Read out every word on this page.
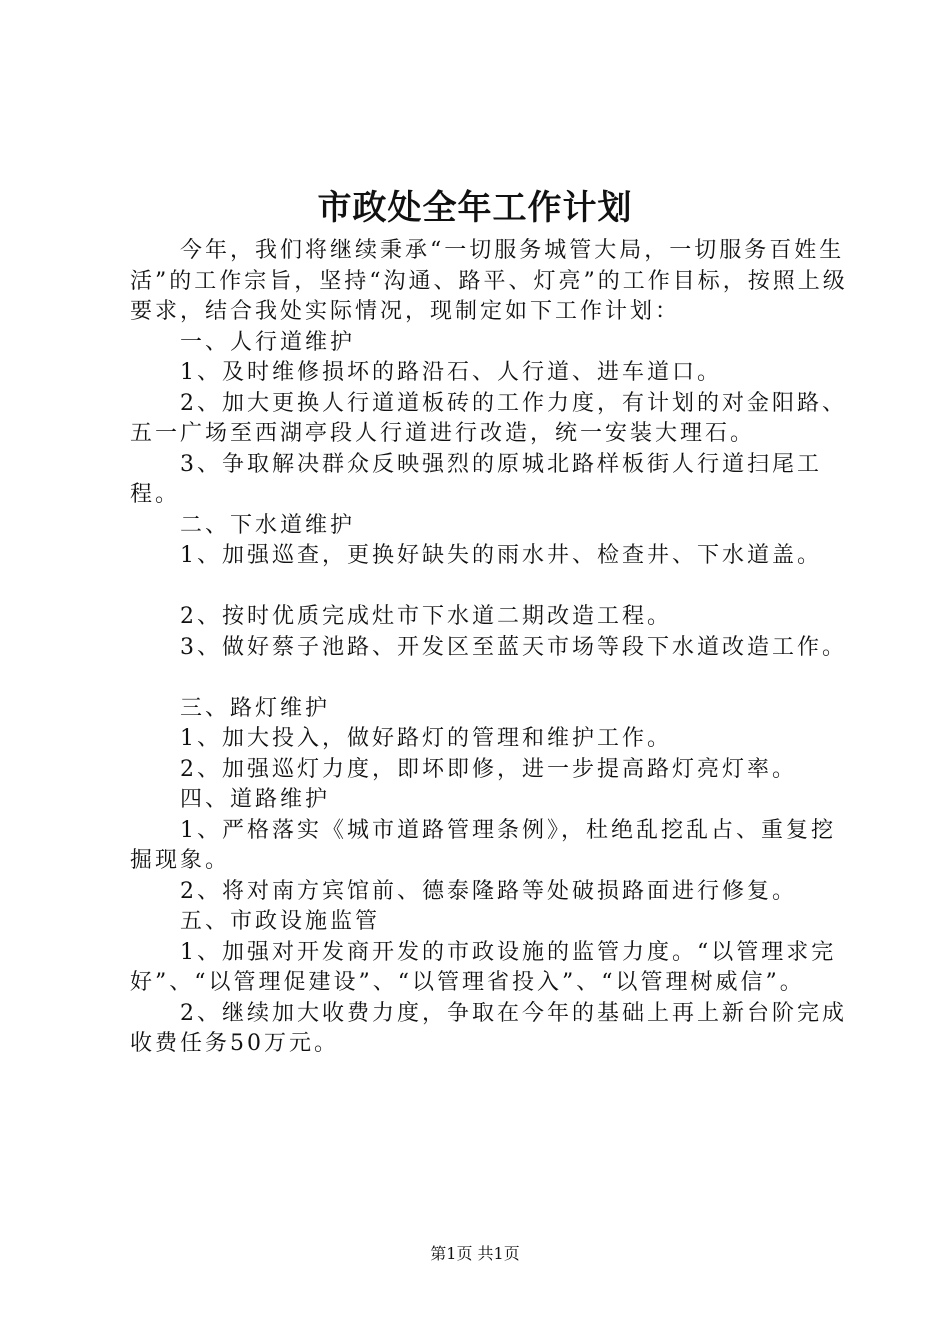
市政处全年工作计划

今年，我们将继续秉承“一切服务城管大局，一切服务百姓生活”的工作宗旨，坚持“沟通、路平、灯亮”的工作目标，按照上级要求，结合我处实际情况，现制定如下工作计划：

一、人行道维护

1、及时维修损坏的路沿石、人行道、进车道口。

2、加大更换人行道道板砖的工作力度，有计划的对金阳路、五一广场至西湖亭段人行道进行改造，统一安装大理石。

3、争取解决群众反映强烈的原城北路样板街人行道扫尾工程。

二、下水道维护

1、加强巡查，更换好缺失的雨水井、检查井、下水道盖。

2、按时优质完成灶市下水道二期改造工程。

3、做好蔡子池路、开发区至蓝天市场等段下水道改造工作。

三、路灯维护

1、加大投入，做好路灯的管理和维护工作。

2、加强巡灯力度，即坏即修，进一步提高路灯亮灯率。

四、道路维护

1、严格落实《城市道路管理条例》，杜绝乱挖乱占、重复挖掘现象。

2、将对南方宾馆前、德泰隆路等处破损路面进行修复。

五、市政设施监管

1、加强对开发商开发的市政设施的监管力度。“以管理求完好”、“以管理促建设”、“以管理省投入”、“以管理树威信”。

2、继续加大收费力度，争取在今年的基础上再上新台阶完成收费任务50万元。

第1页 共1页
